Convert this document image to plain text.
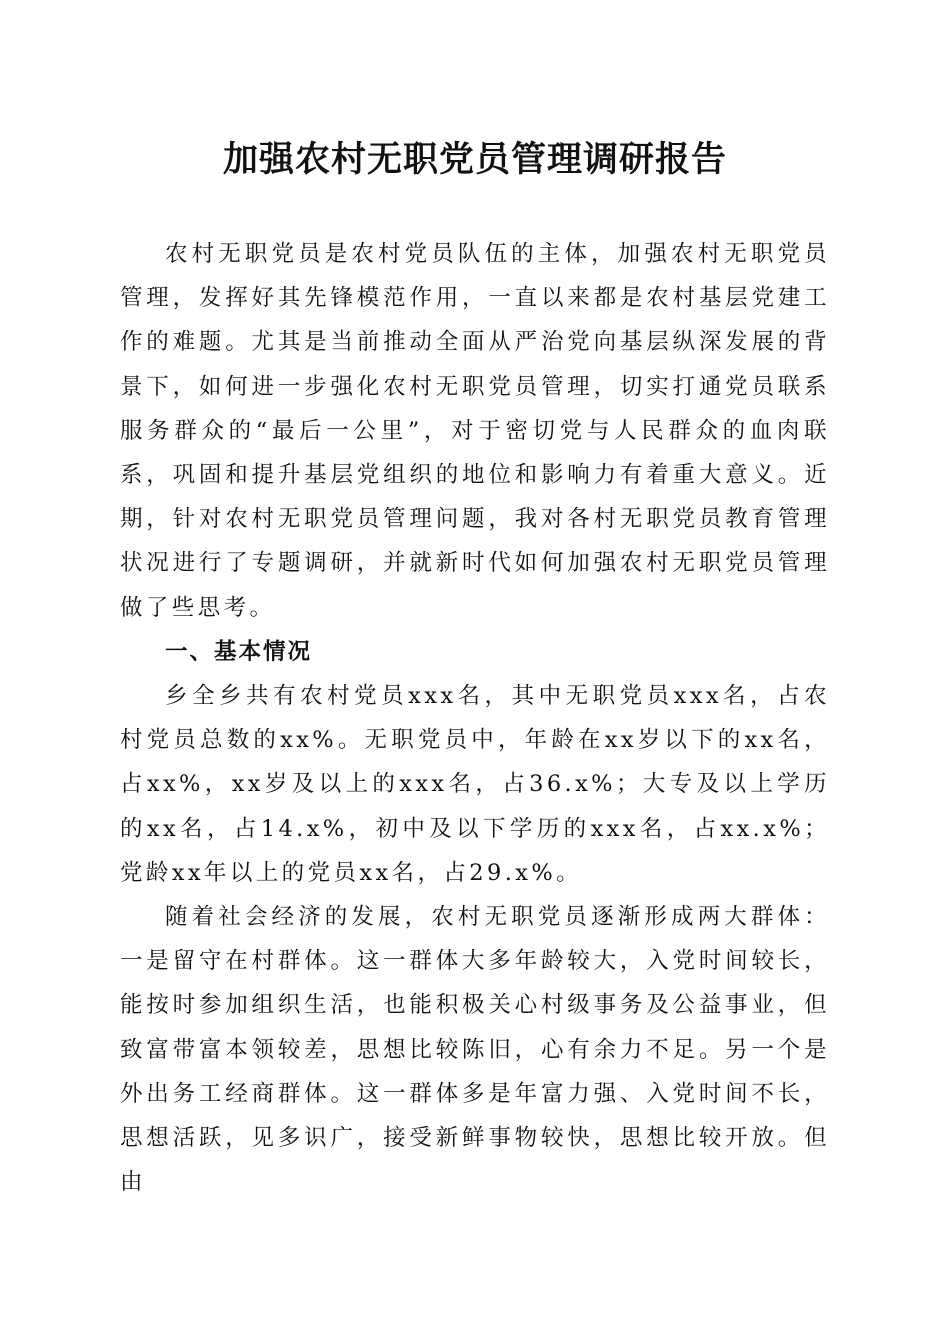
加强农村无职党员管理调研报告

农村无职党员是农村党员队伍的主体，加强农村无职党员管理，发挥好其先锋模范作用，一直以来都是农村基层党建工作的难题。尤其是当前推动全面从严治党向基层纵深发展的背景下，如何进一步强化农村无职党员管理，切实打通党员联系服务群众的“最后一公里”，对于密切党与人民群众的血肉联系，巩固和提升基层党组织的地位和影响力有着重大意义。近期，针对农村无职党员管理问题，我对各村无职党员教育管理状况进行了专题调研，并就新时代如何加强农村无职党员管理做了些思考。

一、基本情况

乡全乡共有农村党员xxx名，其中无职党员xxx名，占农村党员总数的xx%。无职党员中，年龄在xx岁以下的xx名，占xx%，xx岁及以上的xxx名，占36.x%；大专及以上学历的xx名，占14.x%，初中及以下学历的xxx名，占xx.x%；党龄xx年以上的党员xx名，占29.x%。

随着社会经济的发展，农村无职党员逐渐形成两大群体：一是留守在村群体。这一群体大多年龄较大，入党时间较长，能按时参加组织生活，也能积极关心村级事务及公益事业，但致富带富本领较差，思想比较陈旧，心有余力不足。另一个是外出务工经商群体。这一群体多是年富力强、入党时间不长，思想活跃，见多识广，接受新鲜事物较快，思想比较开放。但由
